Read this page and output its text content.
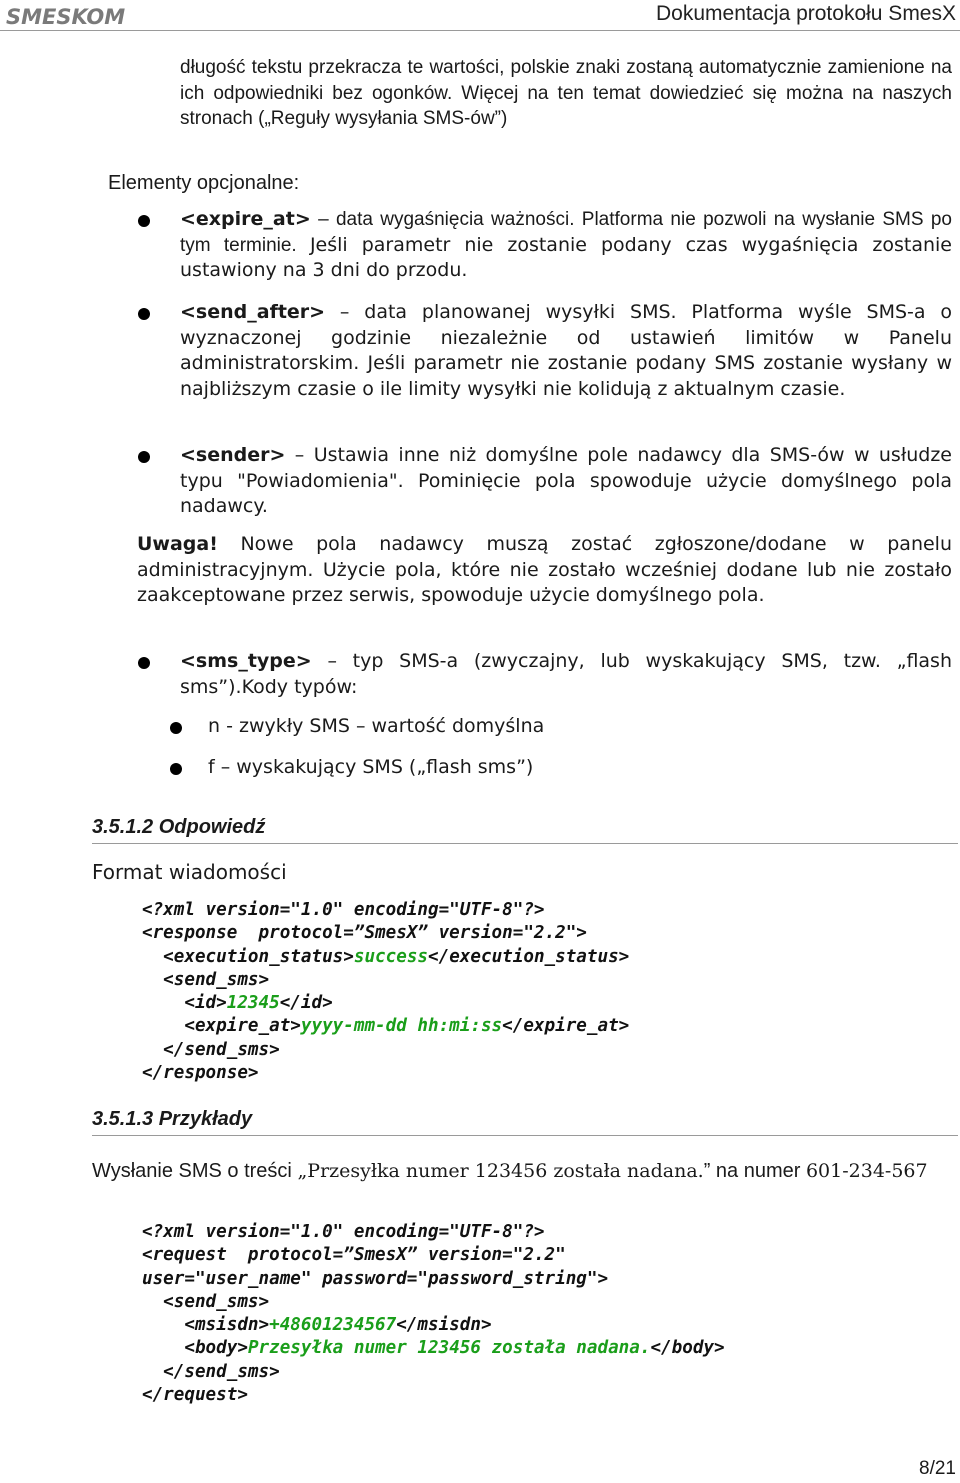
SMESKOM	Dokumentacja protokołu SmesX

długość tekstu przekracza te wartości, polskie znaki zostaną automatycznie zamienione na ich odpowiedniki bez ogonków. Więcej na ten temat dowiedzieć się można na naszych stronach („Reguły wysyłania SMS-ów”)

Elementy opcjonalne:
<expire_at> – data wygaśnięcia ważności. Platforma nie pozwoli na wysłanie SMS po tym terminie. Jeśli parametr nie zostanie podany czas wygaśnięcia zostanie ustawiony na 3 dni do przodu.
<send_after> – data planowanej wysyłki SMS. Platforma wyśle SMS-a o wyznaczonej godzinie niezależnie od ustawień limitów w Panelu administratorskim. Jeśli parametr nie zostanie podany SMS zostanie wysłany w najbliższym czasie o ile limity wysyłki nie kolidują z aktualnym czasie.
<sender> – Ustawia inne niż domyślne pole nadawcy dla SMS-ów w usłudze typu "Powiadomienia". Pominięcie pola spowoduje użycie domyślnego pola nadawcy.

Uwaga! Nowe pola nadawcy muszą zostać zgłoszone/dodane w panelu administracyjnym. Użycie pola, które nie zostało wcześniej dodane lub nie zostało zaakceptowane przez serwis, spowoduje użycie domyślnego pola.

<sms_type> – typ SMS-a (zwyczajny, lub wyskakujący SMS, tzw. „flash sms”).Kody typów:
n - zwykły SMS – wartość domyślna
f – wyskakujący SMS („flash sms”)
3.5.1.2 Odpowiedź
Format wiadomości
<?xml version="1.0" encoding="UTF-8"?>
<response  protocol=”SmesX” version="2.2">
<execution_status>success</execution_status>
<send_sms>
<id>12345</id>
<expire_at>yyyy-mm-dd hh:mi:ss</expire_at>
</send_sms>
</response>
3.5.1.3 Przykłady
Wysłanie SMS o treści „Przesyłka numer 123456 została nadana.” na numer 601-234-567
<?xml version="1.0" encoding="UTF-8"?>
<request  protocol=”SmesX” version="2.2"
user="user_name" password="password_string">
<send_sms>
<msisdn>+48601234567</msisdn>
<body>Przesyłka numer 123456 została nadana.</body>
</send_sms>
</request>
8/21
